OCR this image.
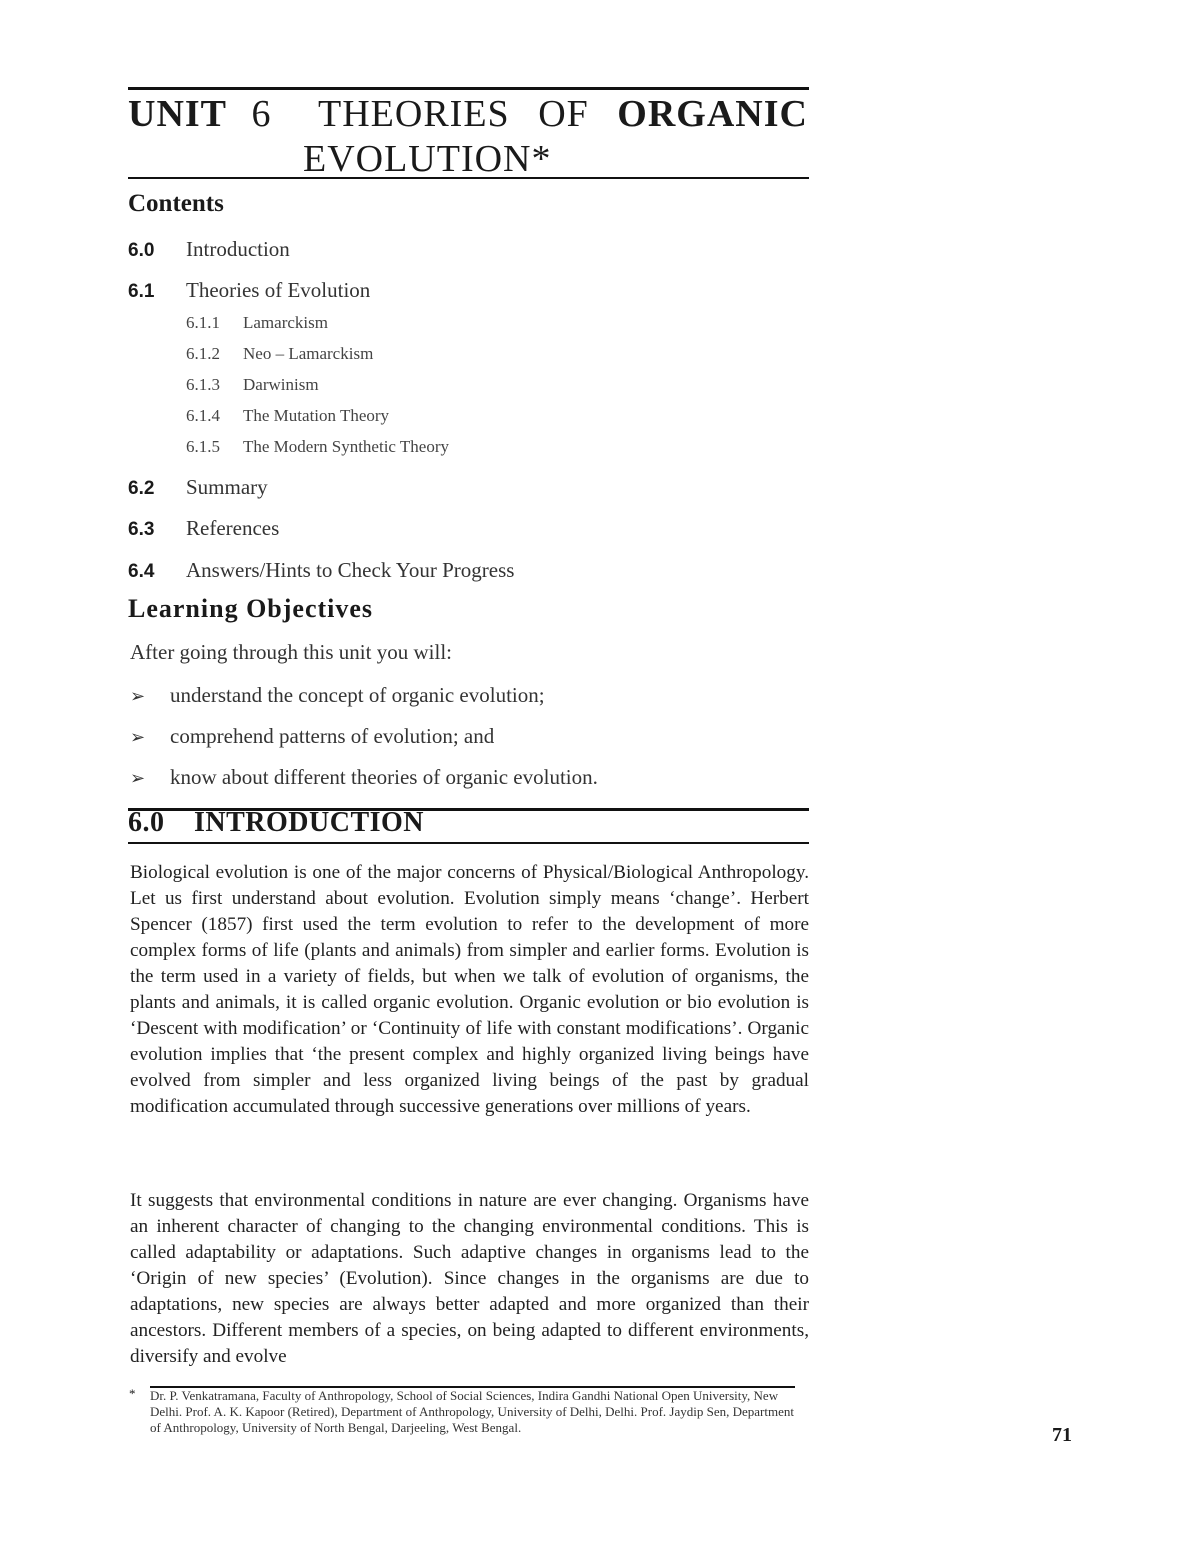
UNIT 6 THEORIES OF ORGANIC
EVOLUTION*
Contents
6.0 Introduction
6.1 Theories of Evolution
6.1.1 Lamarckism
6.1.2 Neo – Lamarckism
6.1.3 Darwinism
6.1.4 The Mutation Theory
6.1.5 The Modern Synthetic Theory
6.2 Summary
6.3 References
6.4 Answers/Hints to Check Your Progress
Learning Objectives
After going through this unit you will:
➢ understand the concept of organic evolution;
➢ comprehend patterns of evolution; and
➢ know about different theories of organic evolution.
6.0 INTRODUCTION
Biological evolution is one of the major concerns of Physical/Biological Anthropology. Let us first understand about evolution. Evolution simply means ‘change’. Herbert Spencer (1857) first used the term evolution to refer to the development of more complex forms of life (plants and animals) from simpler and earlier forms. Evolution is the term used in a variety of fields, but when we talk of evolution of organisms, the plants and animals, it is called organic evolution. Organic evolution or bio evolution is ‘Descent with modification’ or ‘Continuity of life with constant modifications’. Organic evolution implies that ‘the present complex and highly organized living beings have evolved from simpler and less organized living beings of the past by gradual modification accumulated through successive generations over millions of years.
It suggests that environmental conditions in nature are ever changing. Organisms have an inherent character of changing to the changing environmental conditions. This is called adaptability or adaptations. Such adaptive changes in organisms lead to the ‘Origin of new species’ (Evolution). Since changes in the organisms are due to adaptations, new species are always better adapted and more organized than their ancestors. Different members of a species, on being adapted to different environments, diversify and evolve
* Dr. P. Venkatramana, Faculty of Anthropology, School of Social Sciences, Indira Gandhi National Open University, New Delhi. Prof. A. K. Kapoor (Retired), Department of Anthropology, University of Delhi, Delhi. Prof. Jaydip Sen, Department of Anthropology, University of North Bengal, Darjeeling, West Bengal.	71
